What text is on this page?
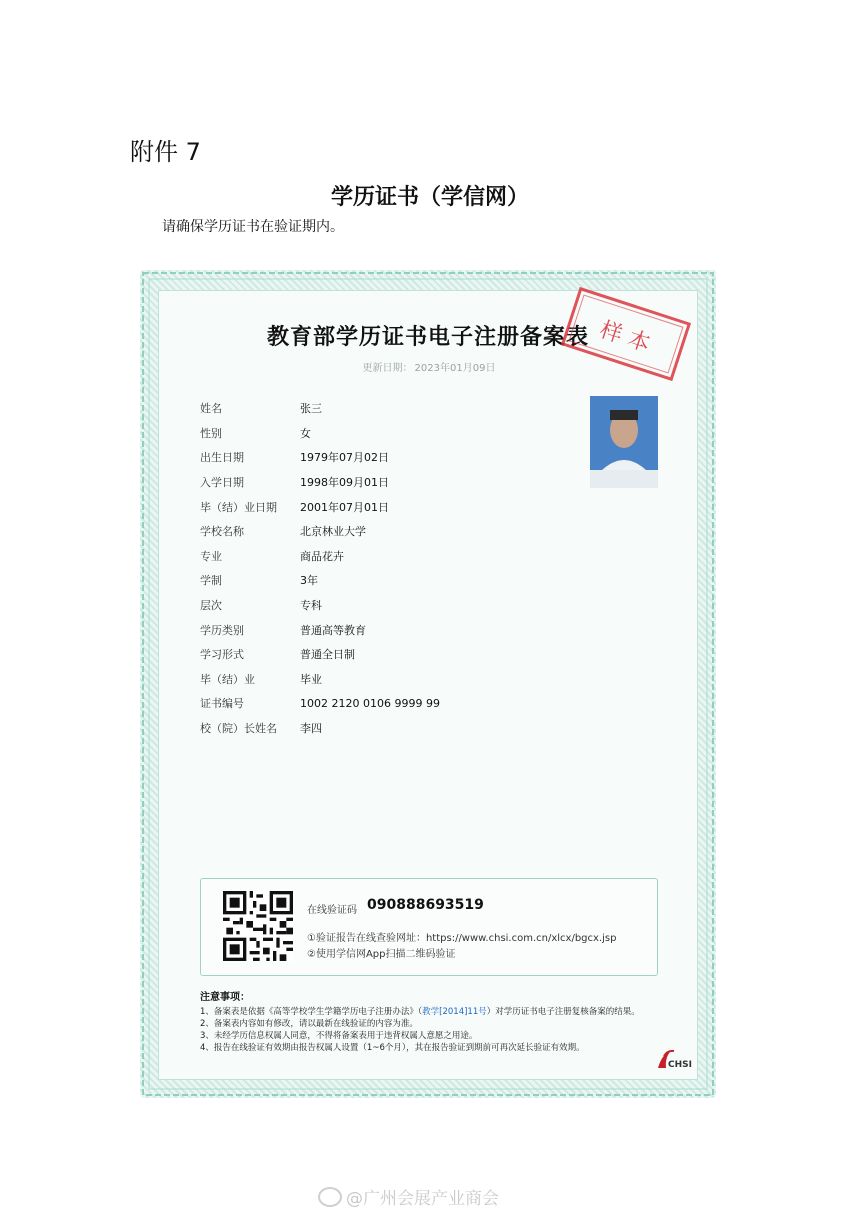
附件 7
学历证书（学信网）
请确保学历证书在验证期内。
教育部学历证书电子注册备案表
更新日期： 2023年01月09日
样 本
姓名	张三
性别	女
出生日期	1979年07月02日
入学日期	1998年09月01日
毕（结）业日期	2001年07月01日
学校名称	北京林业大学
专业	商品花卉
学制	3年
层次	专科
学历类别	普通高等教育
学习形式	普通全日制
毕（结）业	毕业
证书编号	1002 2120 0106 9999 99
校（院）长姓名	李四
在线验证码 090888693519
①验证报告在线查验网址：https://www.chsi.com.cn/xlcx/bgcx.jsp
②使用学信网App扫描二维码验证
注意事项：
1、备案表是依据《高等学校学生学籍学历电子注册办法》（教学[2014]11号）对学历证书电子注册复核备案的结果。
2、备案表内容如有修改，请以最新在线验证的内容为准。
3、未经学历信息权属人同意，不得将备案表用于违背权属人意愿之用途。
4、报告在线验证有效期由报告权属人设置（1~6个月），其在报告验证到期前可再次延长验证有效期。
CHSI
@广州会展产业商会
